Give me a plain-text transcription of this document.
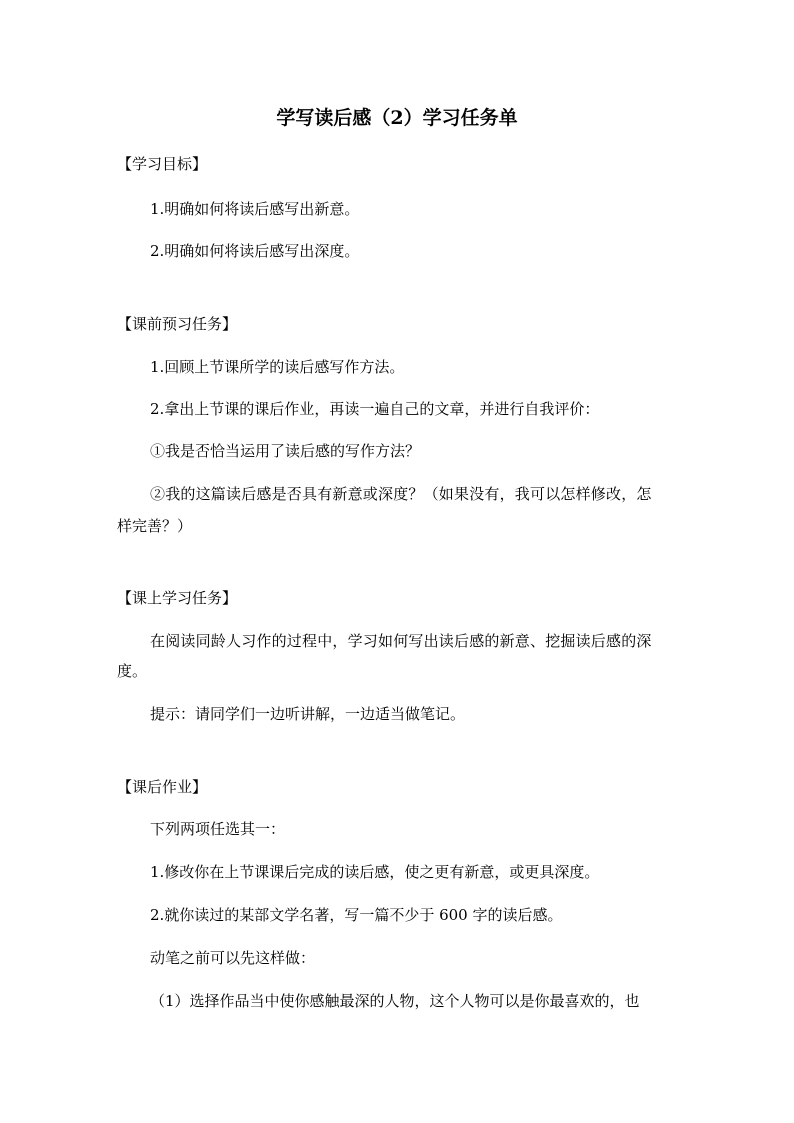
学写读后感（2）学习任务单
【学习目标】
1.明确如何将读后感写出新意。
2.明确如何将读后感写出深度。
【课前预习任务】
1.回顾上节课所学的读后感写作方法。
2.拿出上节课的课后作业，再读一遍自己的文章，并进行自我评价：
①我是否恰当运用了读后感的写作方法？
②我的这篇读后感是否具有新意或深度？（如果没有，我可以怎样修改，怎
样完善？）
【课上学习任务】
在阅读同龄人习作的过程中，学习如何写出读后感的新意、挖掘读后感的深
度。
提示：请同学们一边听讲解，一边适当做笔记。
【课后作业】
下列两项任选其一：
1.修改你在上节课课后完成的读后感，使之更有新意，或更具深度。
2.就你读过的某部文学名著，写一篇不少于 600 字的读后感。
动笔之前可以先这样做：
（1）选择作品当中使你感触最深的人物，这个人物可以是你最喜欢的，也
